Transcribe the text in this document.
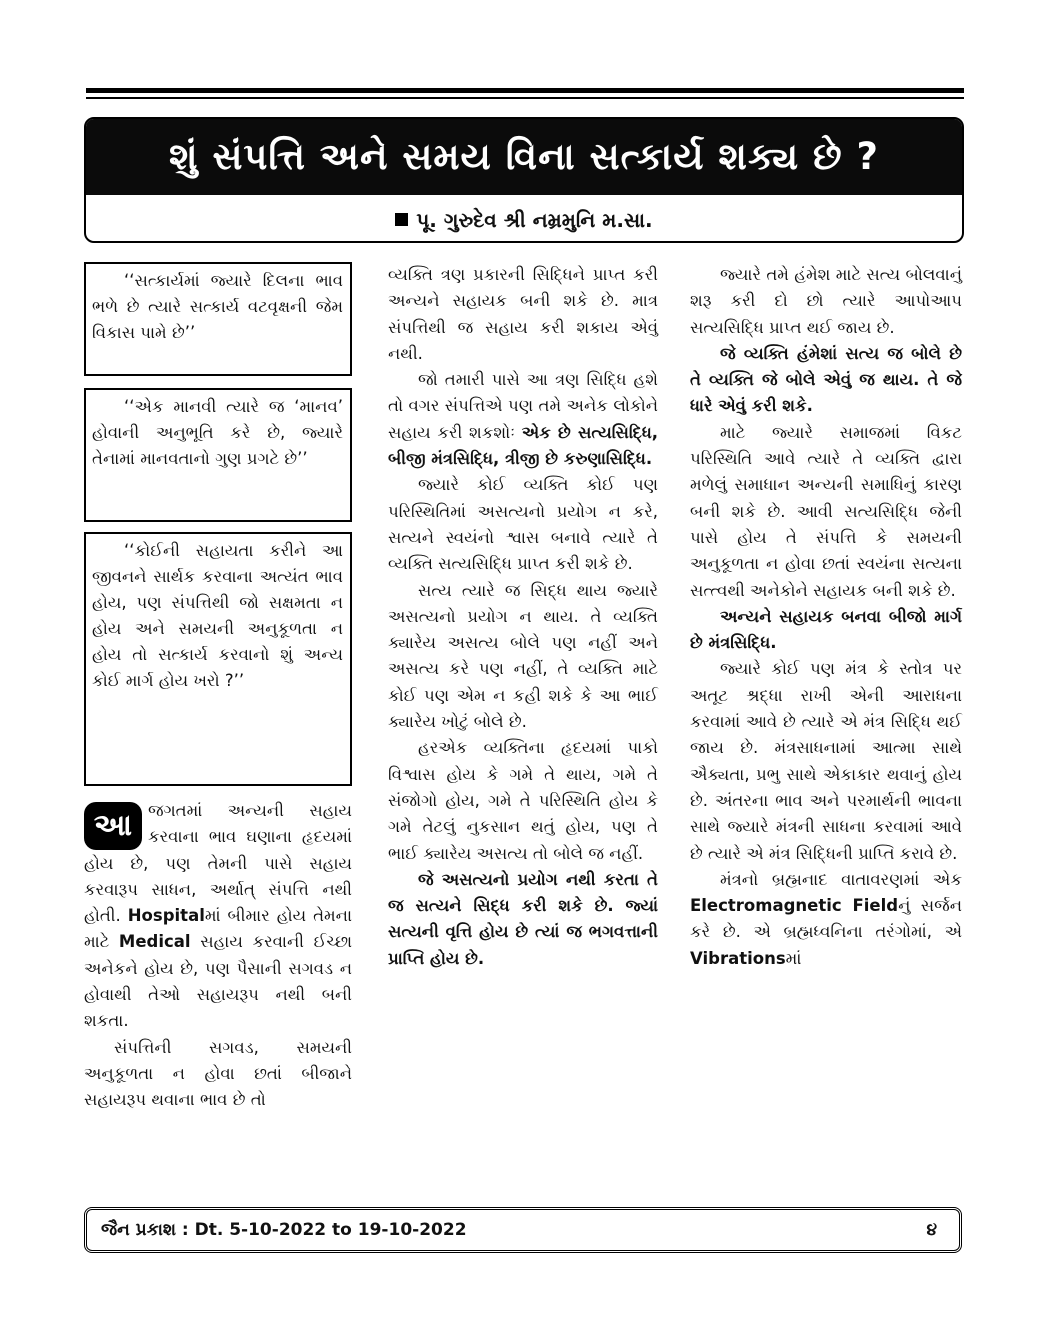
શું સંપત્તિ અને સમય વિના સત્કાર્ય શક્ય છે ?
પૂ. ગુરુદેવ શ્રી નમ્રમુનિ મ.સા.

‘‘સત્કાર્યમાં જ્યારે દિલના ભાવ ભળે છે ત્યારે સત્કાર્ય વટવૃક્ષની જેમ વિકાસ પામે છે’’

‘‘એક માનવી ત્યારે જ ‘માનવ’ હોવાની અનુભૂતિ કરે છે, જ્યારે તેનામાં માનવતાનો ગુણ પ્રગટે છે’’

‘‘કોઈની સહાયતા કરીને આ જીવનને સાર્થક કરવાના અત્યંત ભાવ હોય, પણ સંપત્તિથી જો સક્ષમતા ન હોય અને સમયની અનુકૂળતા ન હોય તો સત્કાર્ય કરવાનો શું અન્ય કોઈ માર્ગ હોય ખરો ?’’

આ જગતમાં અન્યની સહાય કરવાના ભાવ ઘણાના હૃદયમાં હોય છે, પણ તેમની પાસે સહાય કરવારૂપ સાધન, અર્થાત્ સંપત્તિ નથી હોતી. Hospitalમાં બીમાર હોય તેમના માટે Medical સહાય કરવાની ઈચ્છા અનેકને હોય છે, પણ પૈસાની સગવડ ન હોવાથી તેઓ સહાયરૂપ નથી બની શકતા.

સંપત્તિની સગવડ, સમયની અનુકૂળતા ન હોવા છતાં બીજાને સહાયરૂપ થવાના ભાવ છે તો

વ્યક્તિ ત્રણ પ્રકારની સિદ્ધિને પ્રાપ્ત કરી અન્યને સહાયક બની શકે છે. માત્ર સંપત્તિથી જ સહાય કરી શકાય એવું નથી.

જો તમારી પાસે આ ત્રણ સિદ્ધિ હશે તો વગર સંપત્તિએ પણ તમે અનેક લોકોને સહાય કરી શકશોઃ એક છે સત્યસિદ્ધિ, બીજી મંત્રસિદ્ધિ, ત્રીજી છે કરુણાસિદ્ધિ.

જ્યારે કોઈ વ્યક્તિ કોઈ પણ પરિસ્થિતિમાં અસત્યનો પ્રયોગ ન કરે, સત્યને સ્વયંનો શ્વાસ બનાવે ત્યારે તે વ્યક્તિ સત્યસિદ્ધિ પ્રાપ્ત કરી શકે છે.

સત્ય ત્યારે જ સિદ્ધ થાય જ્યારે અસત્યનો પ્રયોગ ન થાય. તે વ્યક્તિ ક્યારેય અસત્ય બોલે પણ નહીં અને અસત્ય કરે પણ નહીં, તે વ્યક્તિ માટે કોઈ પણ એમ ન કહી શકે કે આ ભાઈ ક્યારેય ખોટું બોલે છે.

હરએક વ્યક્તિના હૃદયમાં પાકો વિશ્વાસ હોય કે ગમે તે થાય, ગમે તે સંજોગો હોય, ગમે તે પરિસ્થિતિ હોય કે ગમે તેટલું નુકસાન થતું હોય, પણ તે ભાઈ ક્યારેય અસત્ય તો બોલે જ નહીં.

જે અસત્યનો પ્રયોગ નથી કરતા તે જ સત્યને સિદ્ધ કરી શકે છે. જ્યાં સત્યની વૃત્તિ હોય છે ત્યાં જ ભગવત્તાની પ્રાપ્તિ હોય છે.

જ્યારે તમે હંમેશ માટે સત્ય બોલવાનું શરૂ કરી દો છો ત્યારે આપોઆપ સત્યસિદ્ધિ પ્રાપ્ત થઈ જાય છે.

જે વ્યક્તિ હંમેશાં સત્ય જ બોલે છે તે વ્યક્તિ જે બોલે એવું જ થાય. તે જે ધારે એવું કરી શકે.

માટે જ્યારે સમાજમાં વિકટ પરિસ્થિતિ આવે ત્યારે તે વ્યક્તિ દ્વારા મળેલું સમાધાન અન્યની સમાધિનું કારણ બની શકે છે. આવી સત્યસિદ્ધિ જેની પાસે હોય તે સંપત્તિ કે સમયની અનુકૂળતા ન હોવા છતાં સ્વયંના સત્યના સત્ત્વથી અનેકોને સહાયક બની શકે છે.

અન્યને સહાયક બનવા બીજો માર્ગ છે મંત્રસિદ્ધિ.

જ્યારે કોઈ પણ મંત્ર કે સ્તોત્ર પર અતૂટ શ્રદ્ધા રાખી એની આરાધના કરવામાં આવે છે ત્યારે એ મંત્ર સિદ્ધિ થઈ જાય છે. મંત્રસાધનામાં આત્મા સાથે ઐક્યતા, પ્રભુ સાથે એકાકાર થવાનું હોય છે. અંતરના ભાવ અને પરમાર્થની ભાવના સાથે જ્યારે મંત્રની સાધના કરવામાં આવે છે ત્યારે એ મંત્ર સિદ્ધિની પ્રાપ્તિ કરાવે છે.

મંત્રનો બ્રહ્મનાદ વાતાવરણમાં એક Electromagnetic Fieldનું સર્જન કરે છે. એ બ્રહ્મધ્વનિના તરંગોમાં, એ Vibrationsમાં

જૈન પ્રકાશ : Dt. 5-10-2022 to 19-10-2022	૪
